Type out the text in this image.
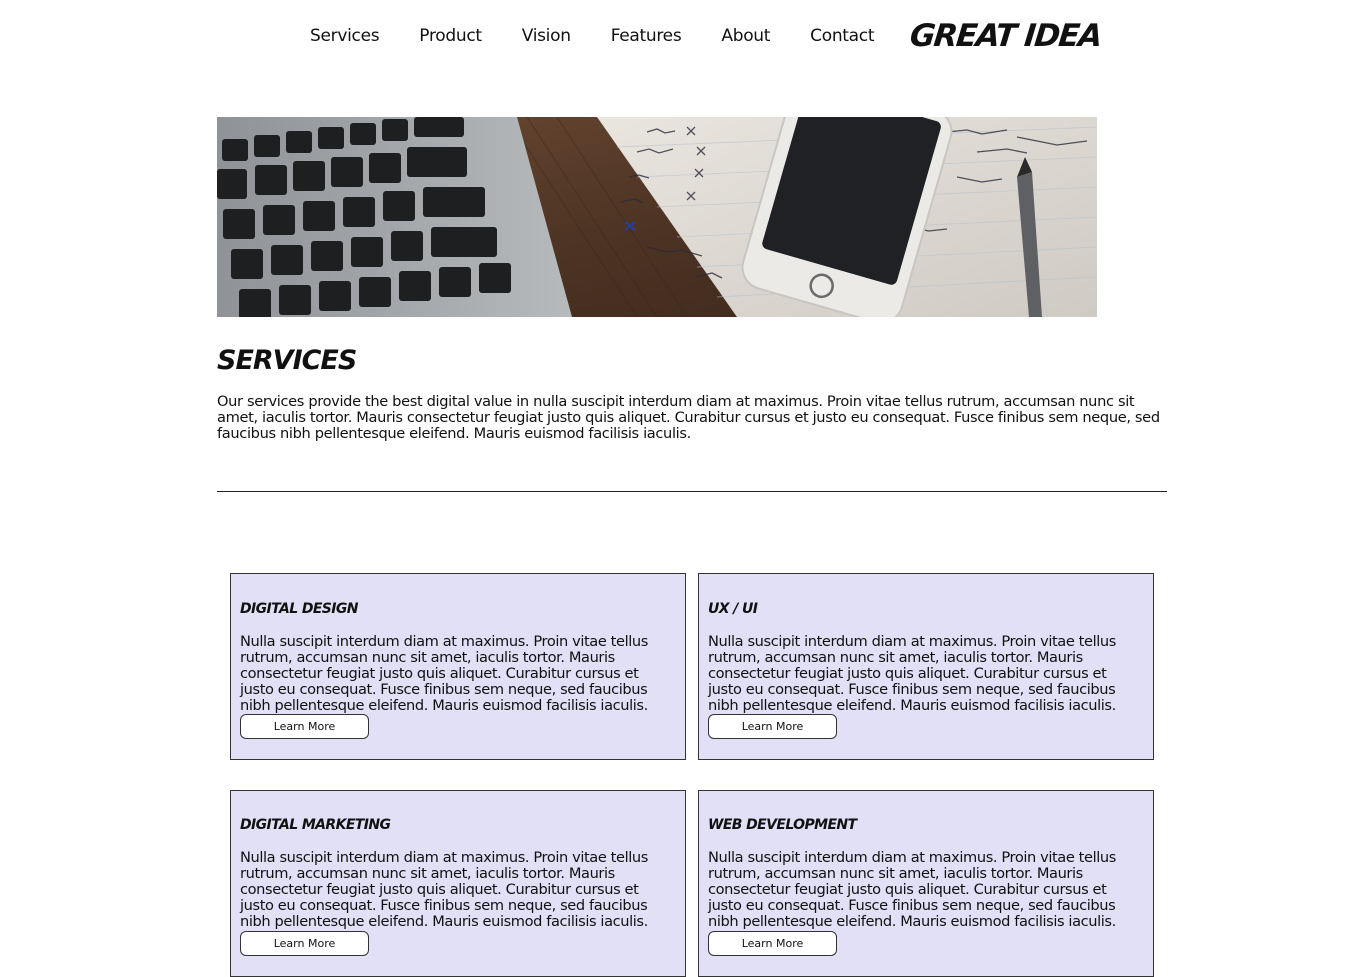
Services Product Vision Features About Contact GREAT IDEA
SERVICES

Our services provide the best digital value in nulla suscipit interdum diam at maximus. Proin vitae tellus rutrum, accumsan nunc sit amet, iaculis tortor. Mauris consectetur feugiat justo quis aliquet. Curabitur cursus et justo eu consequat. Fusce finibus sem neque, sed faucibus nibh pellentesque eleifend. Mauris euismod facilisis iaculis.

DIGITAL DESIGN

Nulla suscipit interdum diam at maximus. Proin vitae tellus rutrum, accumsan nunc sit amet, iaculis tortor. Mauris consectetur feugiat justo quis aliquet. Curabitur cursus et justo eu consequat. Fusce finibus sem neque, sed faucibus nibh pellentesque eleifend. Mauris euismod facilisis iaculis.

Learn More
UX / UI

Nulla suscipit interdum diam at maximus. Proin vitae tellus rutrum, accumsan nunc sit amet, iaculis tortor. Mauris consectetur feugiat justo quis aliquet. Curabitur cursus et justo eu consequat. Fusce finibus sem neque, sed faucibus nibh pellentesque eleifend. Mauris euismod facilisis iaculis.

Learn More
DIGITAL MARKETING

Nulla suscipit interdum diam at maximus. Proin vitae tellus rutrum, accumsan nunc sit amet, iaculis tortor. Mauris consectetur feugiat justo quis aliquet. Curabitur cursus et justo eu consequat. Fusce finibus sem neque, sed faucibus nibh pellentesque eleifend. Mauris euismod facilisis iaculis.

Learn More
WEB DEVELOPMENT

Nulla suscipit interdum diam at maximus. Proin vitae tellus rutrum, accumsan nunc sit amet, iaculis tortor. Mauris consectetur feugiat justo quis aliquet. Curabitur cursus et justo eu consequat. Fusce finibus sem neque, sed faucibus nibh pellentesque eleifend. Mauris euismod facilisis iaculis.

Learn More
